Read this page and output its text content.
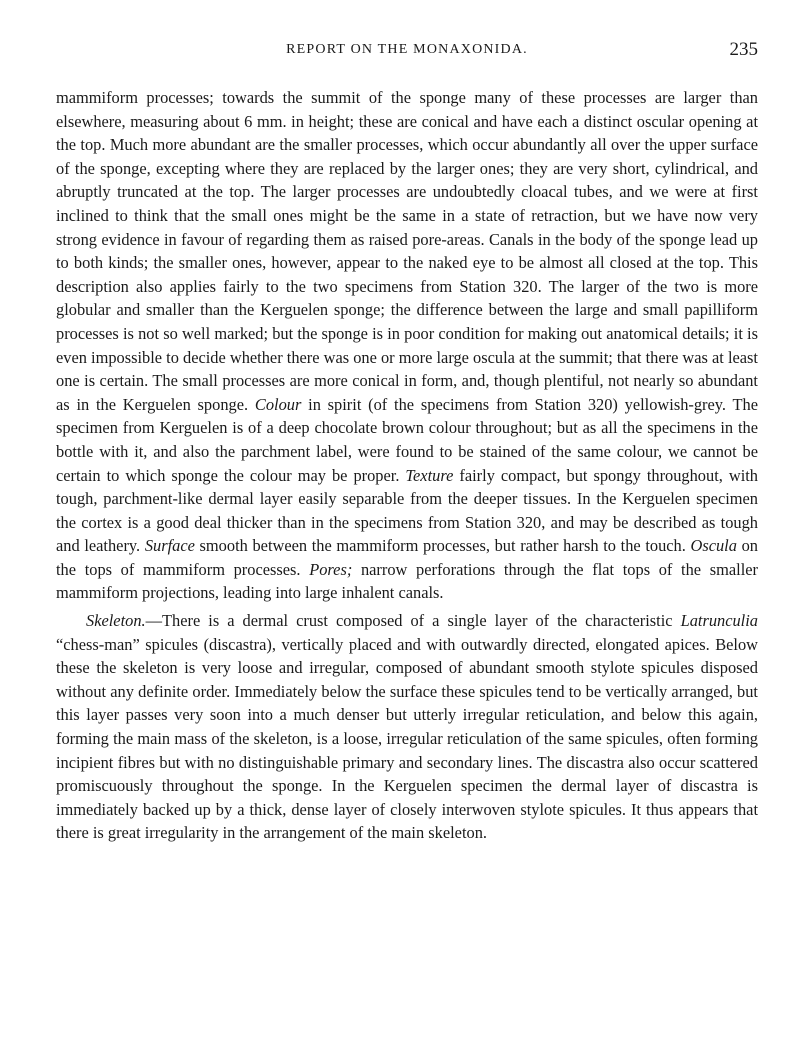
REPORT ON THE MONAXONIDA.	235

mammiform processes; towards the summit of the sponge many of these processes are larger than elsewhere, measuring about 6 mm. in height; these are conical and have each a distinct oscular opening at the top. Much more abundant are the smaller processes, which occur abundantly all over the upper surface of the sponge, excepting where they are replaced by the larger ones; they are very short, cylindrical, and abruptly truncated at the top. The larger processes are undoubtedly cloacal tubes, and we were at first inclined to think that the small ones might be the same in a state of retraction, but we have now very strong evidence in favour of regarding them as raised pore-areas. Canals in the body of the sponge lead up to both kinds; the smaller ones, however, appear to the naked eye to be almost all closed at the top. This description also applies fairly to the two specimens from Station 320. The larger of the two is more globular and smaller than the Kerguelen sponge; the difference between the large and small papilliform processes is not so well marked; but the sponge is in poor condition for making out anatomical details; it is even impossible to decide whether there was one or more large oscula at the summit; that there was at least one is certain. The small processes are more conical in form, and, though plentiful, not nearly so abundant as in the Kerguelen sponge. Colour in spirit (of the specimens from Station 320) yellowish-grey. The specimen from Kerguelen is of a deep chocolate brown colour throughout; but as all the specimens in the bottle with it, and also the parchment label, were found to be stained of the same colour, we cannot be certain to which sponge the colour may be proper. Texture fairly compact, but spongy throughout, with tough, parchment-like dermal layer easily separable from the deeper tissues. In the Kerguelen specimen the cortex is a good deal thicker than in the specimens from Station 320, and may be described as tough and leathery. Surface smooth between the mammiform processes, but rather harsh to the touch. Oscula on the tops of mammiform processes. Pores; narrow perforations through the flat tops of the smaller mammiform projections, leading into large inhalent canals.

Skeleton.—There is a dermal crust composed of a single layer of the characteristic Latrunculia “chess-man” spicules (discastra), vertically placed and with outwardly directed, elongated apices. Below these the skeleton is very loose and irregular, composed of abundant smooth stylote spicules disposed without any definite order. Immediately below the surface these spicules tend to be vertically arranged, but this layer passes very soon into a much denser but utterly irregular reticulation, and below this again, forming the main mass of the skeleton, is a loose, irregular reticulation of the same spicules, often forming incipient fibres but with no distinguishable primary and secondary lines. The discastra also occur scattered promiscuously throughout the sponge. In the Kerguelen specimen the dermal layer of discastra is immediately backed up by a thick, dense layer of closely interwoven stylote spicules. It thus appears that there is great irregularity in the arrangement of the main skeleton.
